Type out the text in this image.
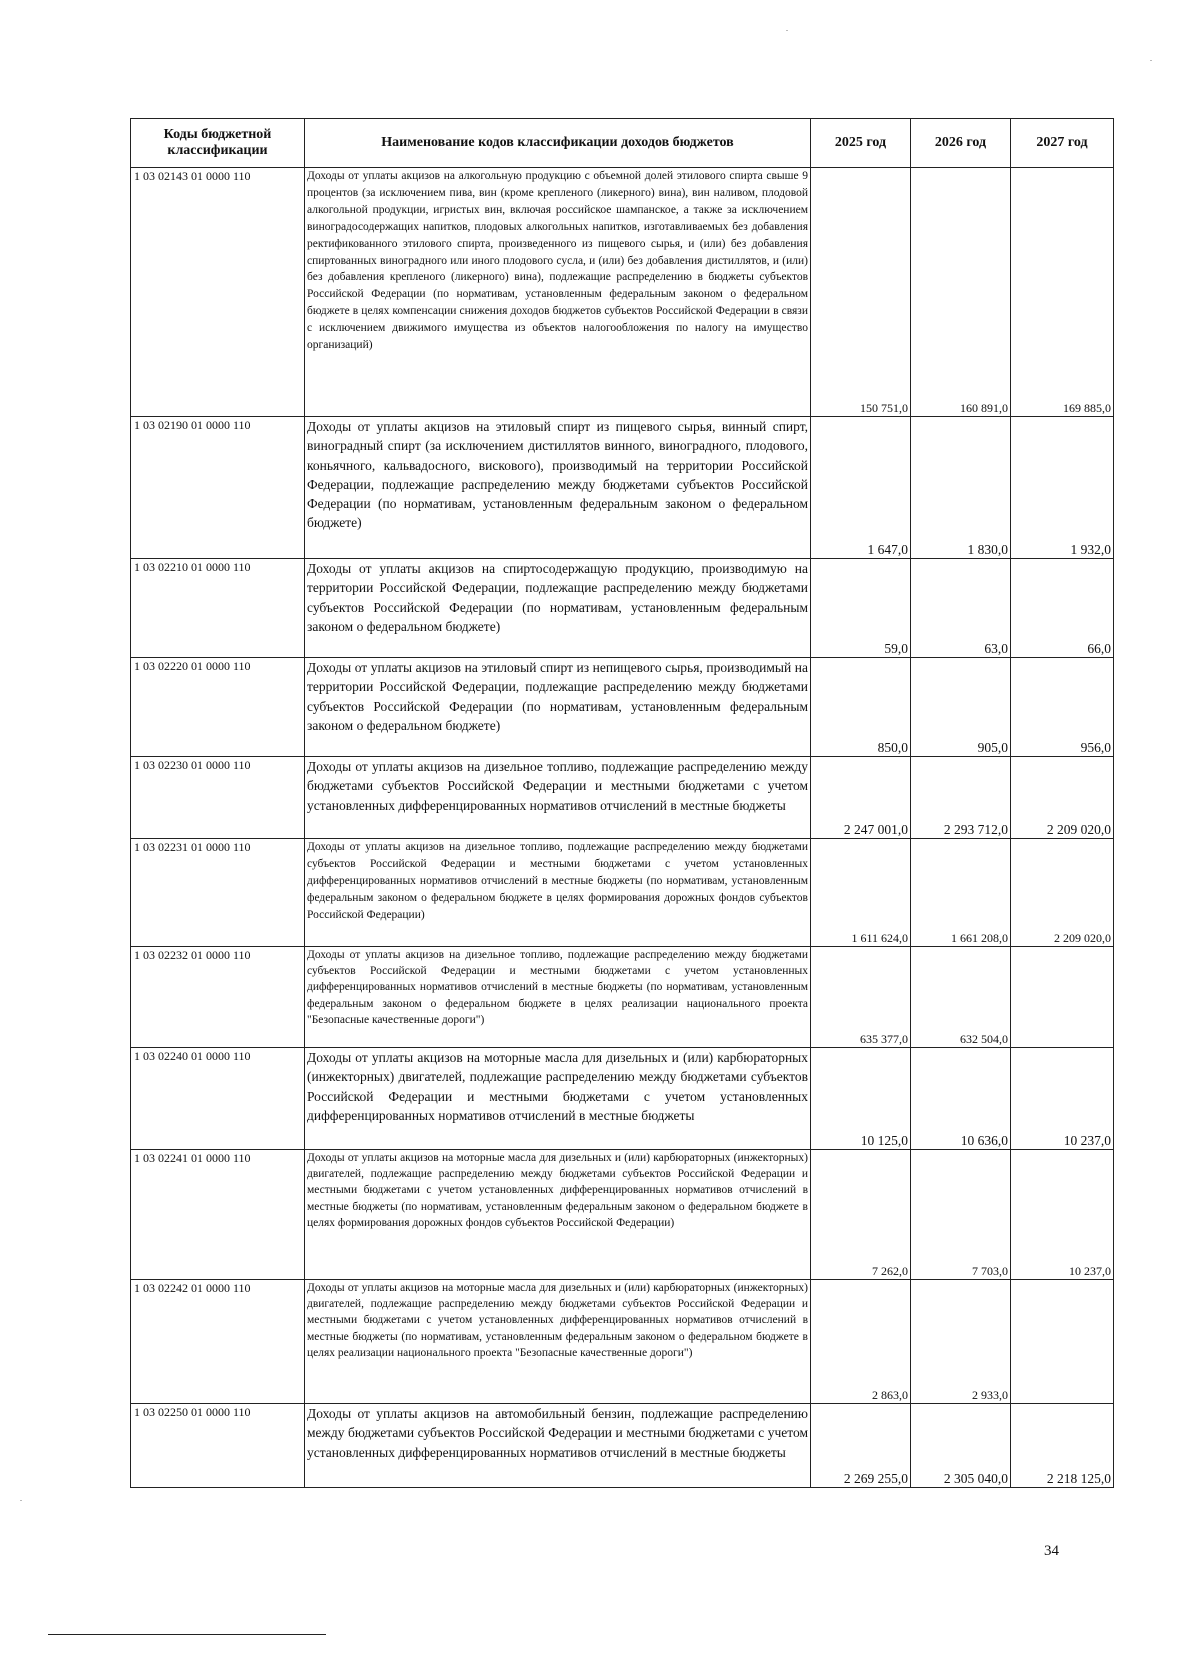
Коды бюджетной классификации	Наименование кодов классификации доходов бюджетов	2025 год	2026 год	2027 год
1 03 02143 01 0000 110	Доходы от уплаты акцизов на алкогольную продукцию с объемной долей этилового спирта свыше 9 процентов (за исключением пива, вин (кроме крепленого (ликерного) вина), вин наливом, плодовой алкогольной продукции, игристых вин, включая российское шампанское, а также за исключением виноградосодержащих напитков, плодовых алкогольных напитков, изготавливаемых без добавления ректификованного этилового спирта, произведенного из пищевого сырья, и (или) без добавления спиртованных виноградного или иного плодового сусла, и (или) без добавления дистиллятов, и (или) без добавления крепленого (ликерного) вина), подлежащие распределению в бюджеты субъектов Российской Федерации (по нормативам, установленным федеральным законом о федеральном бюджете в целях компенсации снижения доходов бюджетов субъектов Российской Федерации в связи с исключением движимого имущества из объектов налогообложения по налогу на имущество организаций)	150 751,0	160 891,0	169 885,0
1 03 02190 01 0000 110	Доходы от уплаты акцизов на этиловый спирт из пищевого сырья, винный спирт, виноградный спирт (за исключением дистиллятов винного, виноградного, плодового, коньячного, кальвадосного, вискового), производимый на территории Российской Федерации, подлежащие распределению между бюджетами субъектов Российской Федерации (по нормативам, установленным федеральным законом о федеральном бюджете)	1 647,0	1 830,0	1 932,0
1 03 02210 01 0000 110	Доходы от уплаты акцизов на спиртосодержащую продукцию, производимую на территории Российской Федерации, подлежащие распределению между бюджетами субъектов Российской Федерации (по нормативам, установленным федеральным законом о федеральном бюджете)	59,0	63,0	66,0
1 03 02220 01 0000 110	Доходы от уплаты акцизов на этиловый спирт из непищевого сырья, производимый на территории Российской Федерации, подлежащие распределению между бюджетами субъектов Российской Федерации (по нормативам, установленным федеральным законом о федеральном бюджете)	850,0	905,0	956,0
1 03 02230 01 0000 110	Доходы от уплаты акцизов на дизельное топливо, подлежащие распределению между бюджетами субъектов Российской Федерации и местными бюджетами с учетом установленных дифференцированных нормативов отчислений в местные бюджеты	2 247 001,0	2 293 712,0	2 209 020,0
1 03 02231 01 0000 110	Доходы от уплаты акцизов на дизельное топливо, подлежащие распределению между бюджетами субъектов Российской Федерации и местными бюджетами с учетом установленных дифференцированных нормативов отчислений в местные бюджеты (по нормативам, установленным федеральным законом о федеральном бюджете в целях формирования дорожных фондов субъектов Российской Федерации)	1 611 624,0	1 661 208,0	2 209 020,0
1 03 02232 01 0000 110	Доходы от уплаты акцизов на дизельное топливо, подлежащие распределению между бюджетами субъектов Российской Федерации и местными бюджетами с учетом установленных дифференцированных нормативов отчислений в местные бюджеты (по нормативам, установленным федеральным законом о федеральном бюджете в целях реализации национального проекта "Безопасные качественные дороги")	635 377,0	632 504,0	
1 03 02240 01 0000 110	Доходы от уплаты акцизов на моторные масла для дизельных и (или) карбюраторных (инжекторных) двигателей, подлежащие распределению между бюджетами субъектов Российской Федерации и местными бюджетами с учетом установленных дифференцированных нормативов отчислений в местные бюджеты	10 125,0	10 636,0	10 237,0
1 03 02241 01 0000 110	Доходы от уплаты акцизов на моторные масла для дизельных и (или) карбюраторных (инжекторных) двигателей, подлежащие распределению между бюджетами субъектов Российской Федерации и местными бюджетами с учетом установленных дифференцированных нормативов отчислений в местные бюджеты (по нормативам, установленным федеральным законом о федеральном бюджете в целях формирования дорожных фондов субъектов Российской Федерации)	7 262,0	7 703,0	10 237,0
1 03 02242 01 0000 110	Доходы от уплаты акцизов на моторные масла для дизельных и (или) карбюраторных (инжекторных) двигателей, подлежащие распределению между бюджетами субъектов Российской Федерации и местными бюджетами с учетом установленных дифференцированных нормативов отчислений в местные бюджеты (по нормативам, установленным федеральным законом о федеральном бюджете в целях реализации национального проекта "Безопасные качественные дороги")	2 863,0	2 933,0	
1 03 02250 01 0000 110	Доходы от уплаты акцизов на автомобильный бензин, подлежащие распределению между бюджетами субъектов Российской Федерации и местными бюджетами с учетом установленных дифференцированных нормативов отчислений в местные бюджеты	2 269 255,0	2 305 040,0	2 218 125,0
34
